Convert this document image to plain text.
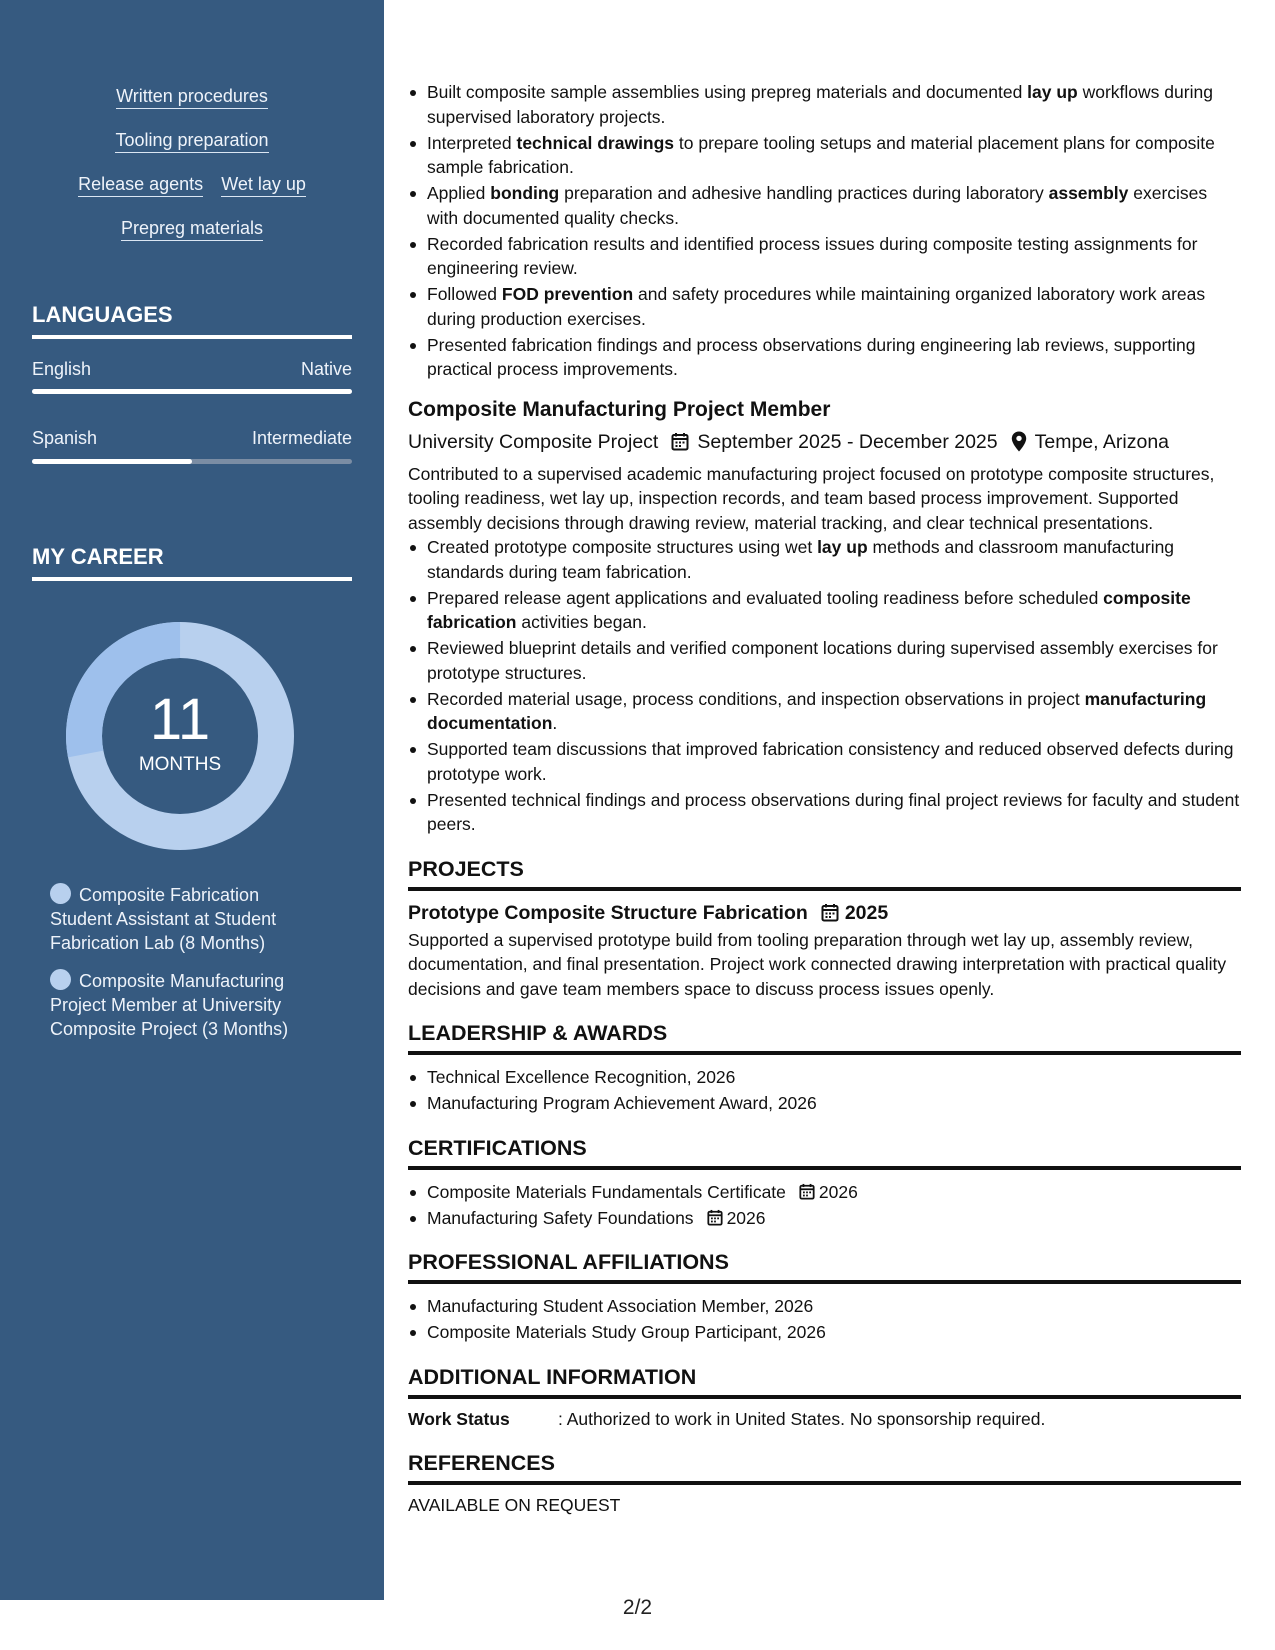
Written procedures
Tooling preparation
Release agents Wet lay up
Prepreg materials
LANGUAGES
English	Native
Spanish	Intermediate
MY CAREER
11
MONTHS
Composite Fabrication Student Assistant at Student Fabrication Lab (8 Months)
Composite Manufacturing Project Member at University Composite Project (3 Months)
Built composite sample assemblies using prepreg materials and documented lay up workflows during supervised laboratory projects.
Interpreted technical drawings to prepare tooling setups and material placement plans for composite sample fabrication.
Applied bonding preparation and adhesive handling practices during laboratory assembly exercises with documented quality checks.
Recorded fabrication results and identified process issues during composite testing assignments for engineering review.
Followed FOD prevention and safety procedures while maintaining organized laboratory work areas during production exercises.
Presented fabrication findings and process observations during engineering lab reviews, supporting practical process improvements.
Composite Manufacturing Project Member
University Composite Project September 2025 - December 2025 Tempe, Arizona
Contributed to a supervised academic manufacturing project focused on prototype composite structures, tooling readiness, wet lay up, inspection records, and team based process improvement. Supported assembly decisions through drawing review, material tracking, and clear technical presentations.
Created prototype composite structures using wet lay up methods and classroom manufacturing standards during team fabrication.
Prepared release agent applications and evaluated tooling readiness before scheduled composite fabrication activities began.
Reviewed blueprint details and verified component locations during supervised assembly exercises for prototype structures.
Recorded material usage, process conditions, and inspection observations in project manufacturing documentation.
Supported team discussions that improved fabrication consistency and reduced observed defects during prototype work.
Presented technical findings and process observations during final project reviews for faculty and student peers.
PROJECTS
Prototype Composite Structure Fabrication 2025
Supported a supervised prototype build from tooling preparation through wet lay up, assembly review, documentation, and final presentation. Project work connected drawing interpretation with practical quality decisions and gave team members space to discuss process issues openly.
LEADERSHIP & AWARDS
Technical Excellence Recognition, 2026
Manufacturing Program Achievement Award, 2026
CERTIFICATIONS
Composite Materials Fundamentals Certificate 2026
Manufacturing Safety Foundations 2026
PROFESSIONAL AFFILIATIONS
Manufacturing Student Association Member, 2026
Composite Materials Study Group Participant, 2026
ADDITIONAL INFORMATION
Work Status	: Authorized to work in United States. No sponsorship required.
REFERENCES
AVAILABLE ON REQUEST
2/2
